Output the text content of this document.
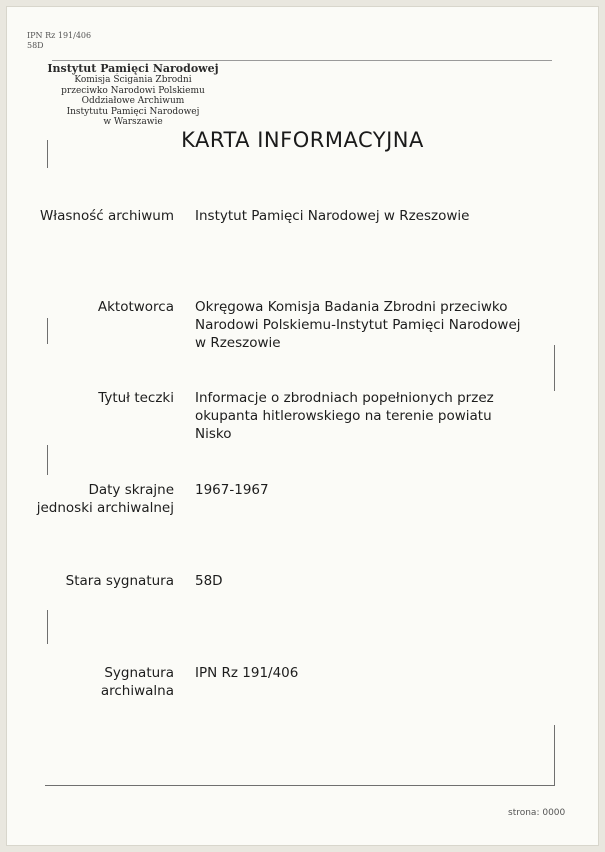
IPN Rz 191/406
58D
Instytut Pamięci Narodowej
Komisja Ścigania Zbrodni
przeciwko Narodowi Polskiemu
Oddziałowe Archiwum
Instytutu Pamięci Narodowej
w Warszawie
KARTA INFORMACYJNA
Własność archiwum Instytut Pamięci Narodowej w Rzeszowie
Aktotworca Okręgowa Komisja Badania Zbrodni przeciwko Narodowi Polskiemu-Instytut Pamięci Narodowej w Rzeszowie
Tytuł teczki Informacje o zbrodniach popełnionych przez okupanta hitlerowskiego na terenie powiatu Nisko
Daty skrajne jednoski archiwalnej
1967-1967
Stara sygnatura 58D
Sygnatura archiwalna
IPN Rz 191/406
strona: 0000
